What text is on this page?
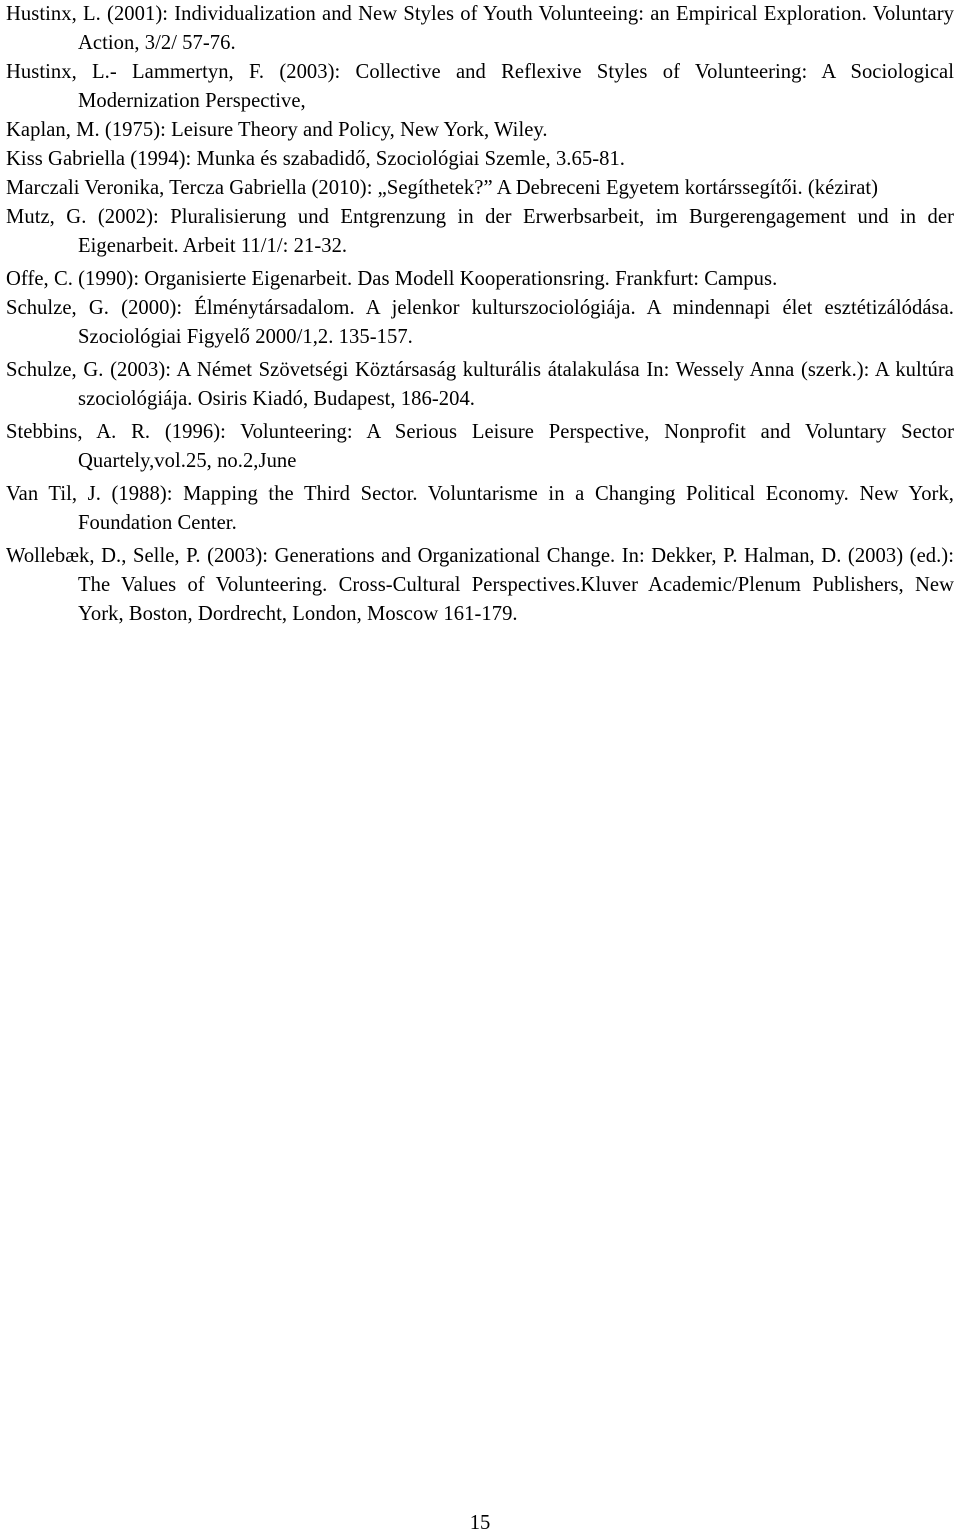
Hustinx, L. (2001): Individualization and New Styles of Youth Volunteeing: an Empirical Exploration. Voluntary Action, 3/2/ 57-76.
Hustinx, L.- Lammertyn, F. (2003): Collective and Reflexive Styles of Volunteering: A Sociological Modernization Perspective,
Kaplan, M. (1975): Leisure Theory and Policy, New York, Wiley.
Kiss Gabriella (1994): Munka és szabadidő, Szociológiai Szemle, 3.65-81.
Marczali Veronika, Tercza Gabriella (2010): „Segíthetek?” A Debreceni Egyetem kortárssegítői. (kézirat)
Mutz, G. (2002): Pluralisierung und Entgrenzung in der Erwerbsarbeit, im Burgerengagement und in der Eigenarbeit. Arbeit 11/1/: 21-32.
Offe, C. (1990): Organisierte Eigenarbeit. Das Modell Kooperationsring. Frankfurt: Campus.
Schulze, G. (2000): Élménytársadalom. A jelenkor kulturszociológiája. A mindennapi élet esztétizálódása. Szociológiai Figyelő 2000/1,2. 135-157.
Schulze, G. (2003): A Német Szövetségi Köztársaság kulturális átalakulása In: Wessely Anna (szerk.): A kultúra szociológiája. Osiris Kiadó, Budapest, 186-204.
Stebbins, A. R. (1996): Volunteering: A Serious Leisure Perspective, Nonprofit and Voluntary Sector Quartely,vol.25, no.2,June
Van Til, J. (1988): Mapping the Third Sector. Voluntarisme in a Changing Political Economy. New York, Foundation Center.
Wollebæk, D., Selle, P. (2003): Generations and Organizational Change. In: Dekker, P. Halman, D. (2003) (ed.): The Values of Volunteering. Cross-Cultural Perspectives.Kluver Academic/Plenum Publishers, New York, Boston, Dordrecht, London, Moscow 161-179.
15
